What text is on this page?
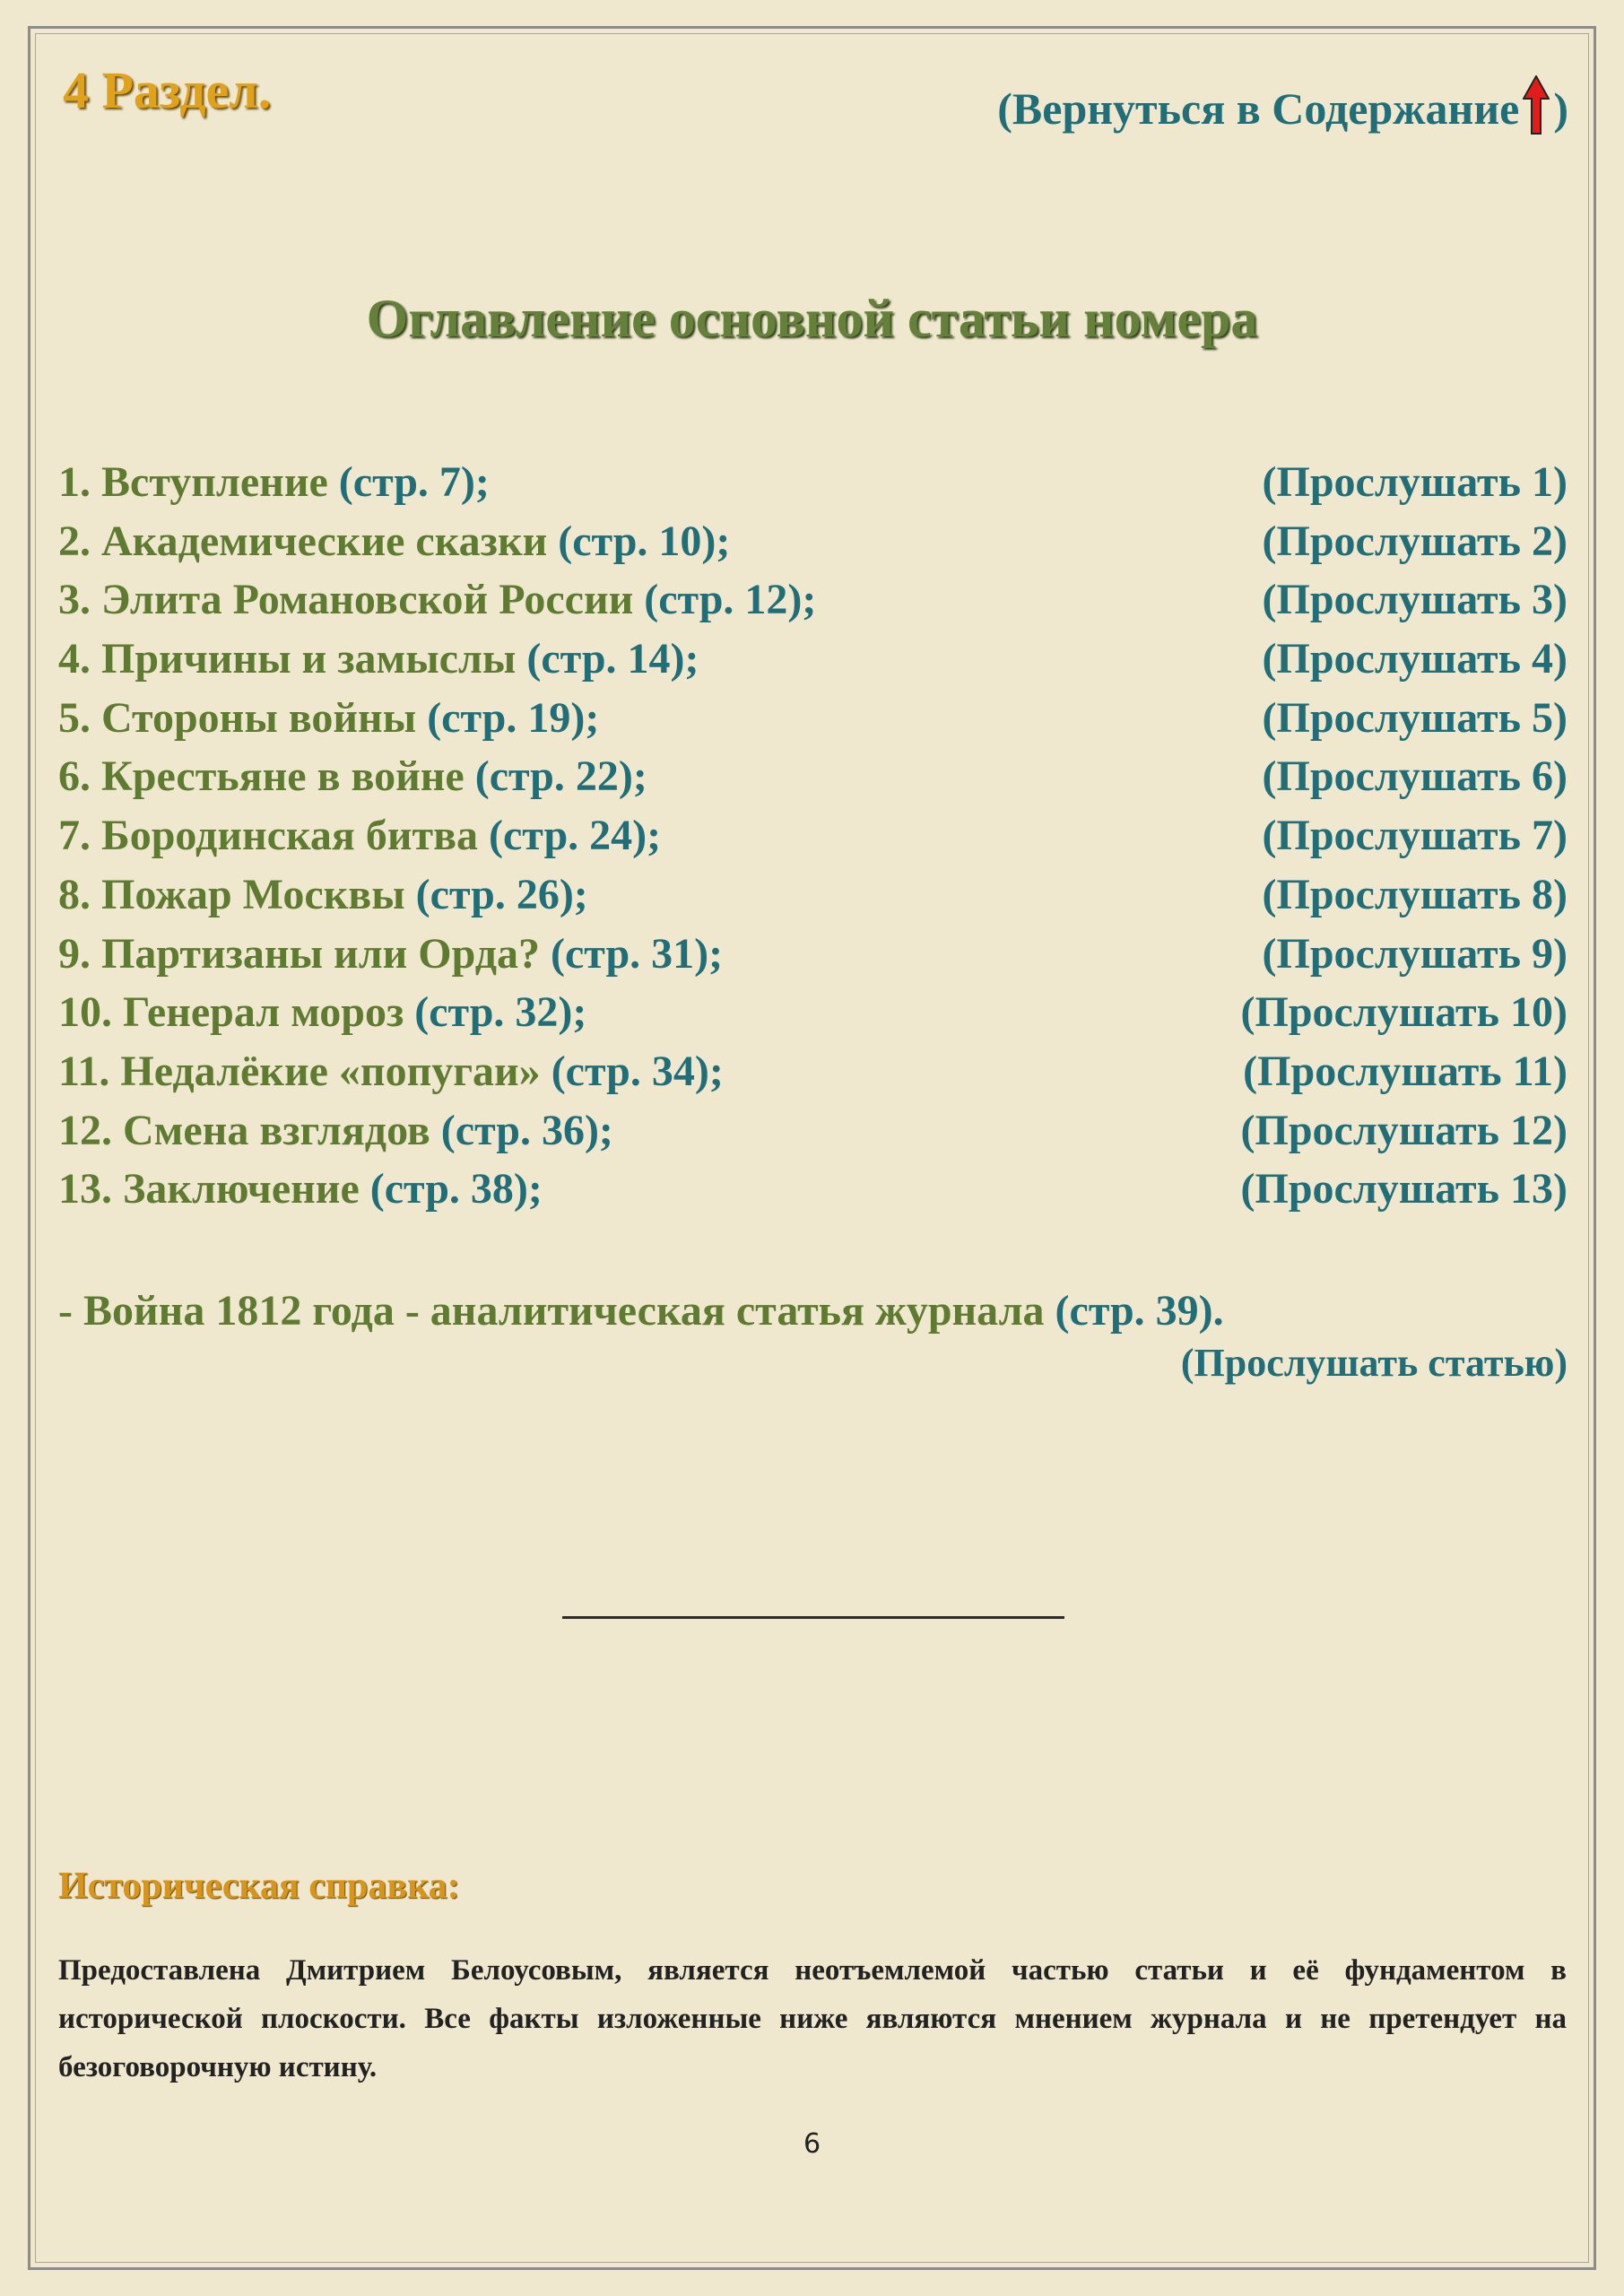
4 Раздел.	(Вернуться в Содержание )
Оглавление основной статьи номера
1. Вступление (стр. 7);	(Прослушать 1)
2. Академические сказки (стр. 10);	(Прослушать 2)
3. Элита Романовской России (стр. 12);	(Прослушать 3)
4. Причины и замыслы (стр. 14);	(Прослушать 4)
5. Стороны войны (стр. 19);	(Прослушать 5)
6. Крестьяне в войне (стр. 22);	(Прослушать 6)
7. Бородинская битва (стр. 24);	(Прослушать 7)
8. Пожар Москвы (стр. 26);	(Прослушать 8)
9. Партизаны или Орда? (стр. 31);	(Прослушать 9)
10. Генерал мороз (стр. 32);	(Прослушать 10)
11. Недалёкие «попугаи» (стр. 34);	(Прослушать 11)
12. Смена взглядов (стр. 36);	(Прослушать 12)
13. Заключение (стр. 38);	(Прослушать 13)
- Война 1812 года - аналитическая статья журнала (стр. 39).
(Прослушать статью)
Историческая справка:

Предоставлена Дмитрием Белоусовым, является неотъемлемой частью статьи и её фундаментом в исторической плоскости. Все факты изложенные ниже являются мнением журнала и не претендует на безоговорочную истину.

6
